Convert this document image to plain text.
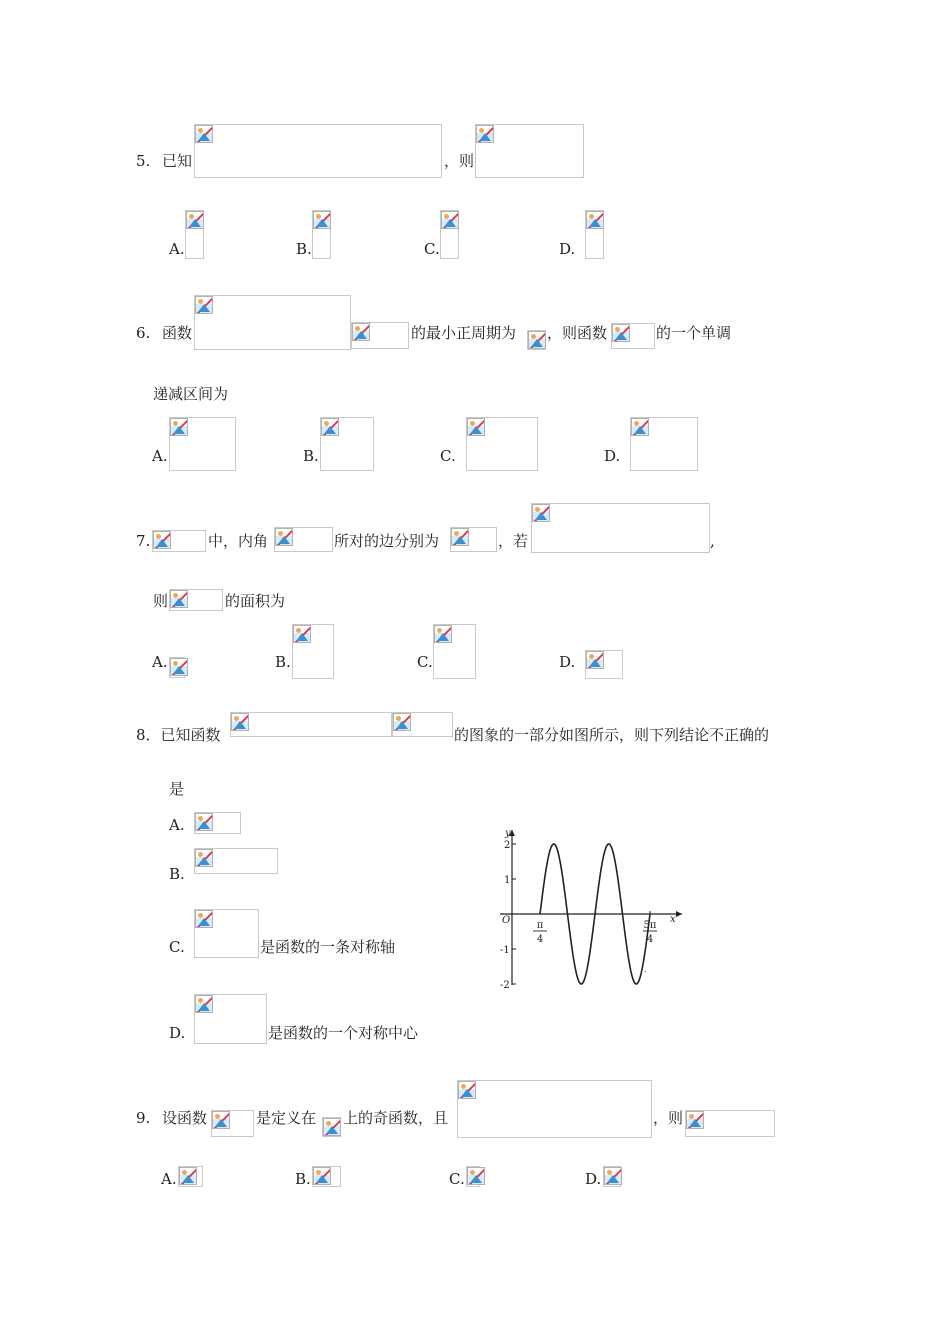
5. 已知	，则
A.	B.	C.	D.
6. 函数	的最小正周期为 ，则函数	的一个单调
递减区间为
A.	B.	C.	D.
7.	中，内角	所对的边分别为	，若	,
则	的面积为
A.	B.	C.	D.
8．已知函数	的图象的一部分如图所示，则下列结论不正确的
是
A.
B.
C.	是函数的一条对称轴
D.	是函数的一个对称中心
y
x
O
2
1
-1
-2
π
4
5π
4
.
9. 设函数	是定义在 上的奇函数，且	，则
A.	B.	C.	D.
